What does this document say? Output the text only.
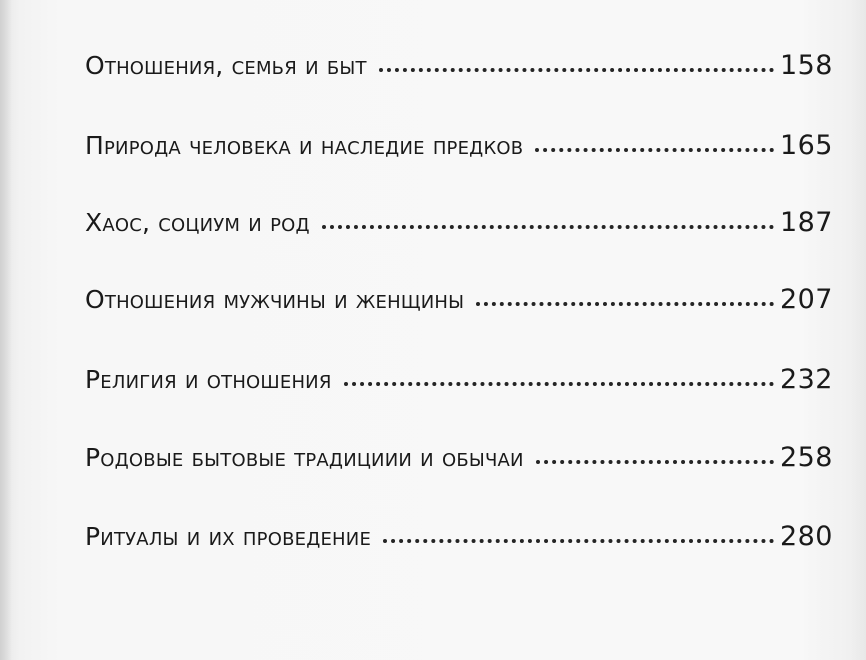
Отношения, семья и быт	158
Природа человека и наследие предков	165
Хаос, социум и род	187
Отношения мужчины и женщины	207
Религия и отношения	232
Родовые бытовые традициии и обычаи	258
Ритуалы и их проведение	280
